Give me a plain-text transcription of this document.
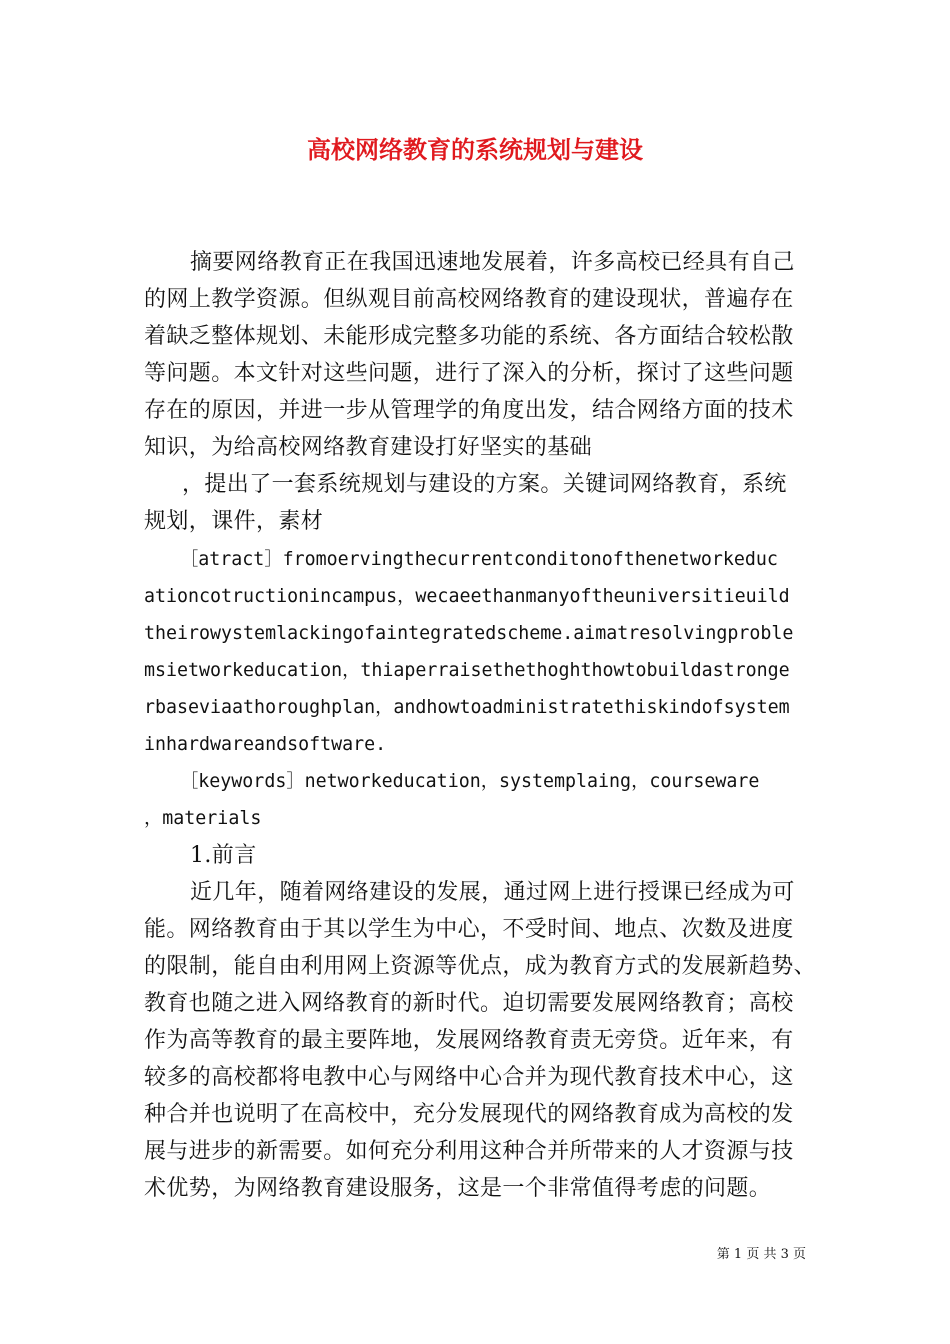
高校网络教育的系统规划与建设

摘要网络教育正在我国迅速地发展着，许多高校已经具有自己

的网上教学资源。但纵观目前高校网络教育的建设现状，普遍存在

着缺乏整体规划、未能形成完整多功能的系统、各方面结合较松散

等问题。本文针对这些问题，进行了深入的分析，探讨了这些问题

存在的原因，并进一步从管理学的角度出发，结合网络方面的技术

知识，为给高校网络教育建设打好坚实的基础

，提出了一套系统规划与建设的方案。关键词网络教育，系统

规划，课件，素材

［atract］fromoervingthecurrentconditonofthenetworkeduc

ationcotructionincampus，wecaeethanmanyoftheuniversitieuild

theirowystemlackingofaintegratedscheme.aimatresolvingproble

msietworkeducation，thiaperraisethethoghthowtobuildastronge

rbaseviaathoroughplan，andhowtoadministratethiskindofsystem

inhardwareandsoftware.

［keywords］networkeducation，systemplaing，courseware

，materials

1.前言

近几年，随着网络建设的发展，通过网上进行授课已经成为可

能。网络教育由于其以学生为中心，不受时间、地点、次数及进度

的限制，能自由利用网上资源等优点，成为教育方式的发展新趋势、

教育也随之进入网络教育的新时代。迫切需要发展网络教育；高校

作为高等教育的最主要阵地，发展网络教育责无旁贷。近年来，有

较多的高校都将电教中心与网络中心合并为现代教育技术中心，这

种合并也说明了在高校中，充分发展现代的网络教育成为高校的发

展与进步的新需要。如何充分利用这种合并所带来的人才资源与技

术优势，为网络教育建设服务，这是一个非常值得考虑的问题。

第 1 页 共 3 页
